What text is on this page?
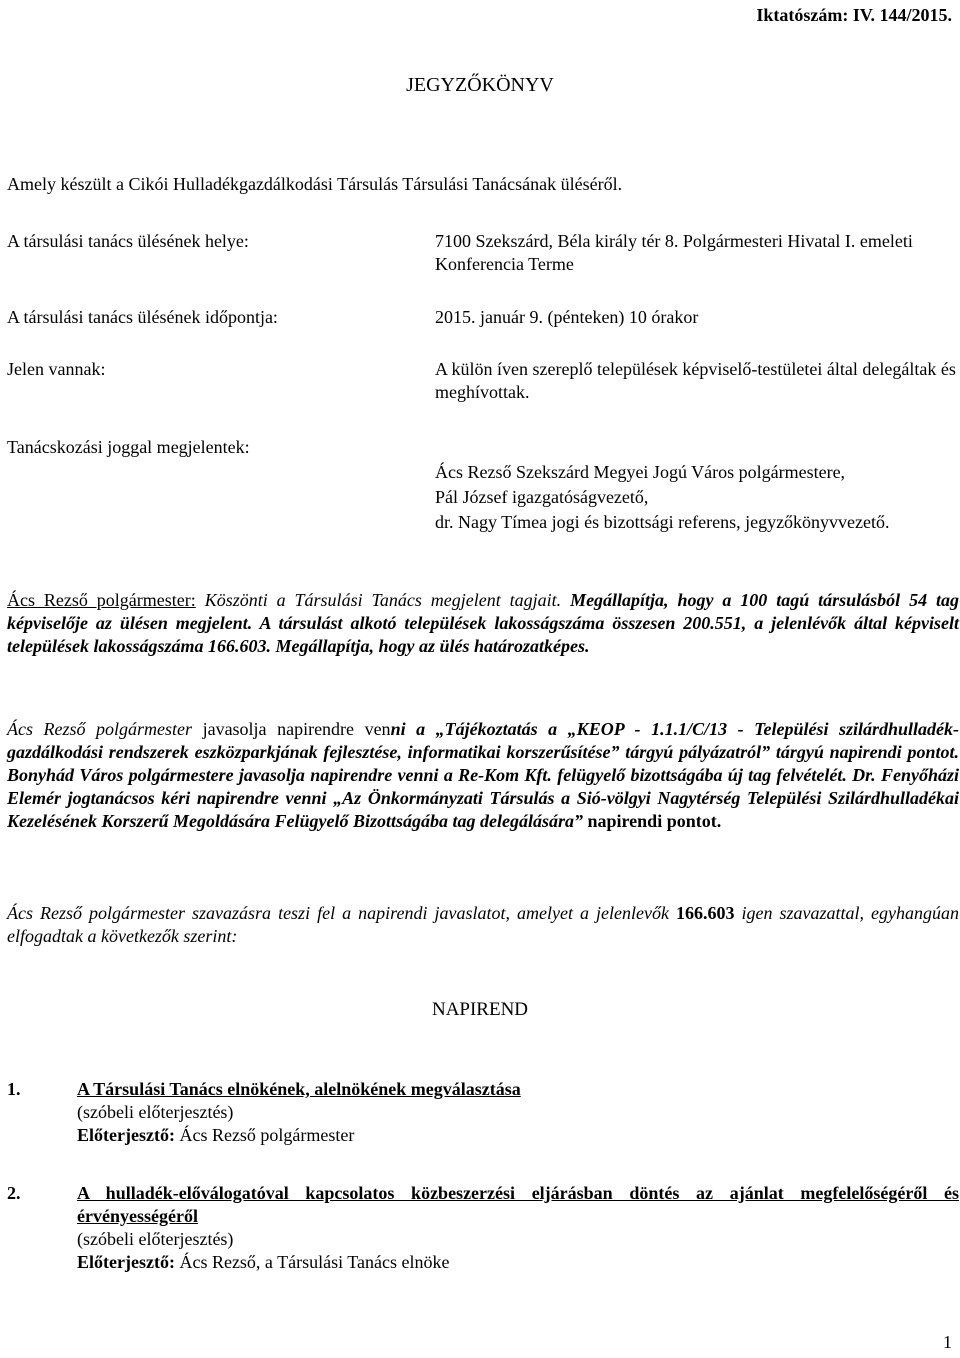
Iktatószám: IV. 144/2015.
JEGYZŐKÖNYV
Amely készült a Cikói Hulladékgazdálkodási Társulás Társulási Tanácsának üléséről.
A társulási tanács ülésének helye:	7100 Szekszárd, Béla király tér 8. Polgármesteri Hivatal I. emeleti Konferencia Terme
A társulási tanács ülésének időpontja:	2015. január 9. (pénteken) 10 órakor
Jelen vannak:	A külön íven szereplő települések képviselő-testületei által delegáltak és meghívottak.
Tanácskozási joggal megjelentek:
Ács Rezső Szekszárd Megyei Jogú Város polgármestere,
Pál József igazgatóságvezető,
dr. Nagy Tímea jogi és bizottsági referens, jegyzőkönyvvezető.
Ács Rezső polgármester: Köszönti a Társulási Tanács megjelent tagjait. Megállapítja, hogy a 100 tagú társulásból 54 tag képviselője az ülésen megjelent. A társulást alkotó települések lakosságszáma összesen 200.551, a jelenlévők által képviselt települések lakosságszáma 166.603. Megállapítja, hogy az ülés határozatképes.
Ács Rezső polgármester javasolja napirendre venni a „Tájékoztatás a „KEOP - 1.1.1/C/13 - Települési szilárdhulladék-gazdálkodási rendszerek eszközparkjának fejlesztése, informatikai korszerűsítése” tárgyú pályázatról” tárgyú napirendi pontot. Bonyhád Város polgármestere javasolja napirendre venni a Re-Kom Kft. felügyelő bizottságába új tag felvételét. Dr. Fenyőházi Elemér jogtanácsos kéri napirendre venni „Az Önkormányzati Társulás a Sió-völgyi Nagytérség Települési Szilárdhulladékai Kezelésének Korszerű Megoldására Felügyelő Bizottságába tag delegálására” napirendi pontot.
Ács Rezső polgármester szavazásra teszi fel a napirendi javaslatot, amelyet a jelenlevők 166.603 igen szavazattal, egyhangúan elfogadtak a következők szerint:
NAPIREND
1.	A Társulási Tanács elnökének, alelnökének megválasztása
(szóbeli előterjesztés)
Előterjesztő: Ács Rezső polgármester
2.	A hulladék-előválogatóval kapcsolatos közbeszerzési eljárásban döntés az ajánlat megfelelőségéről és érvényességéről
(szóbeli előterjesztés)
Előterjesztő: Ács Rezső, a Társulási Tanács elnöke
1
